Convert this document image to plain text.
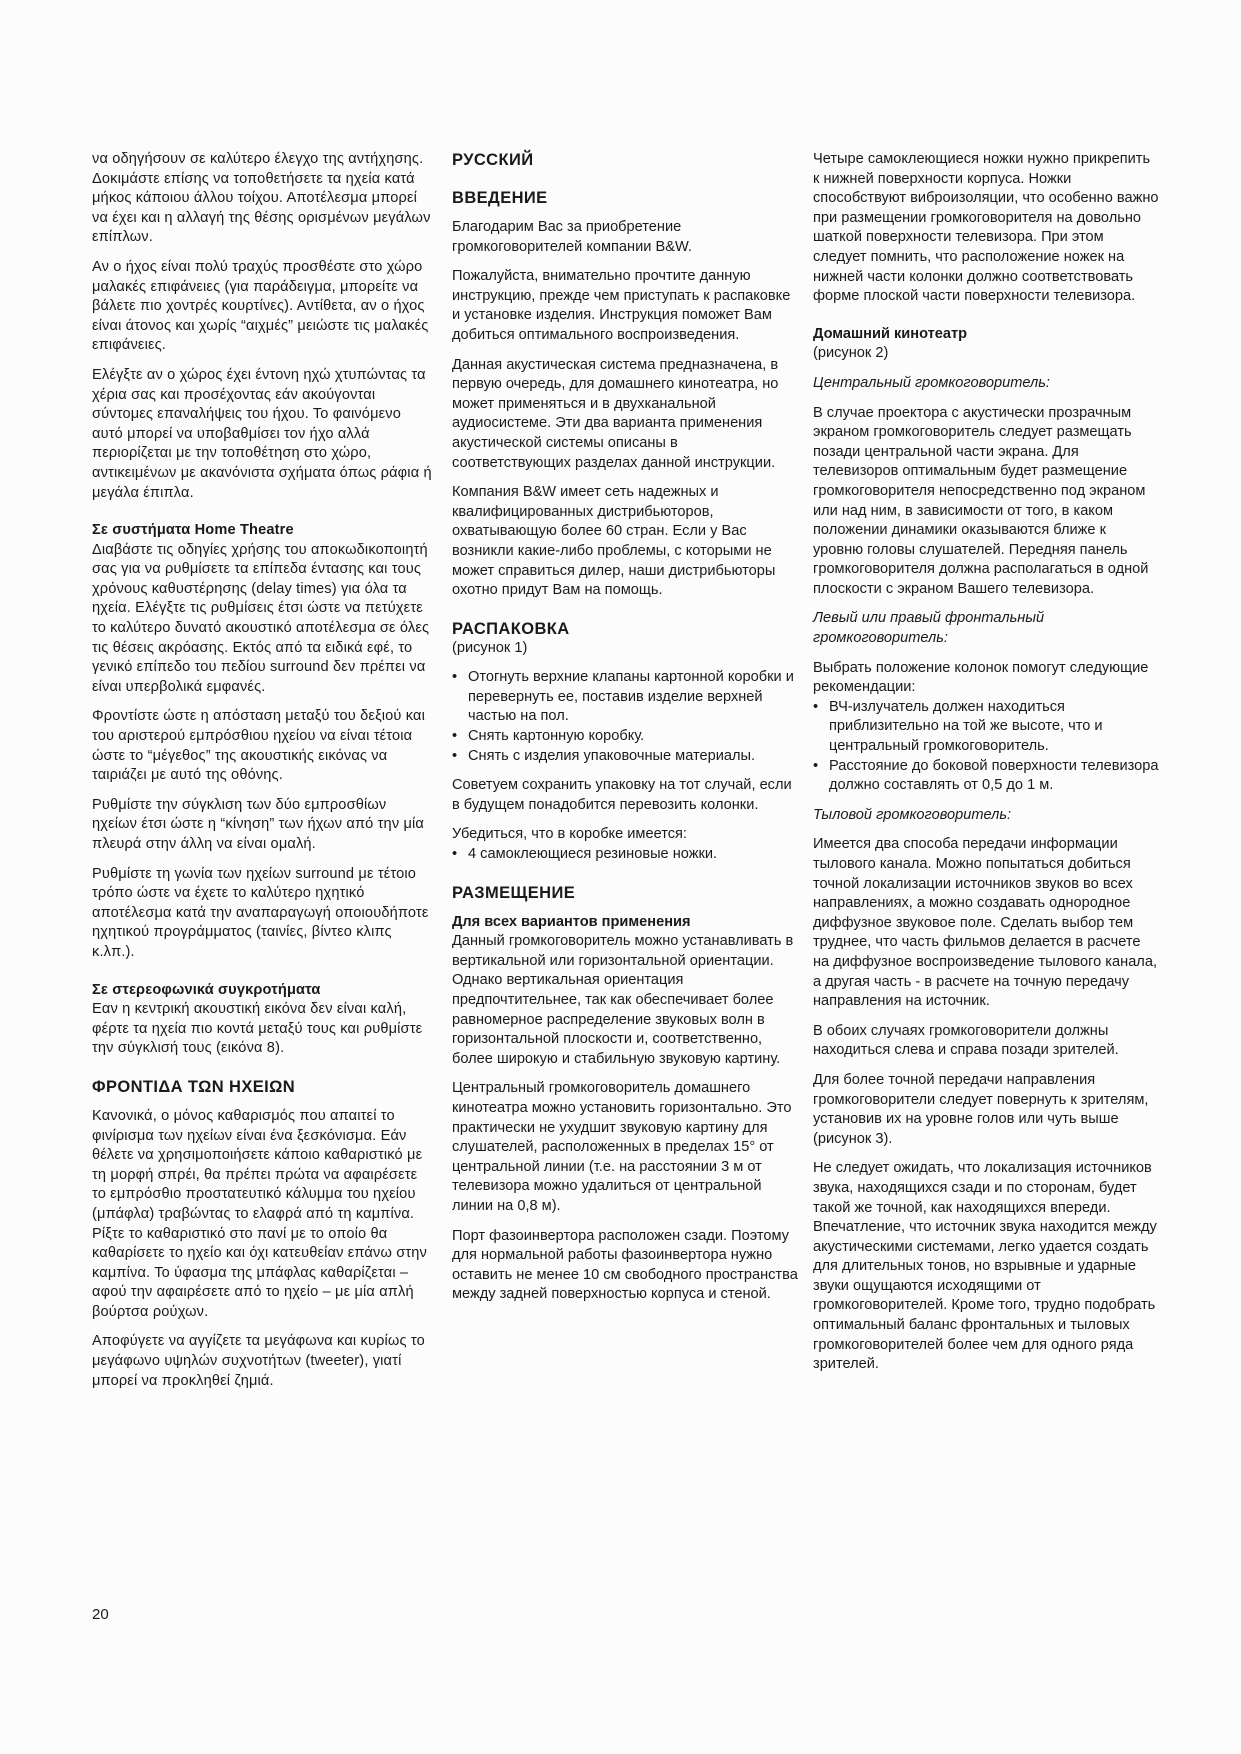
να οδηγήσουν σε καλύτερο έλεγχο της αντήχησης. Δοκιμάστε επίσης να τοποθετήσετε τα ηχεία κατά μήκος κάποιου άλλου τοίχου. Αποτέλεσμα μπορεί να έχει και η αλλαγή της θέσης ορισμένων μεγάλων επίπλων.

Αν ο ήχος είναι πολύ τραχύς προσθέστε στο χώρο μαλακές επιφάνειες (για παράδειγμα, μπορείτε να βάλετε πιο χοντρές κουρτίνες). Αντίθετα, αν ο ήχος είναι άτονος και χωρίς “αιχμές” μειώστε τις μαλακές επιφάνειες.

Ελέγξτε αν ο χώρος έχει έντονη ηχώ χτυπώντας τα χέρια σας και προσέχοντας εάν ακούγονται σύντομες επαναλήψεις του ήχου. Το φαινόμενο αυτό μπορεί να υποβαθμίσει τον ήχο αλλά περιορίζεται με την τοποθέτηση στο χώρο, αντικειμένων με ακανόνιστα σχήματα όπως ράφια ή μεγάλα έπιπλα.

Σε συστήματα Home Theatre

Διαβάστε τις οδηγίες χρήσης του αποκωδικοποιητή σας για να ρυθμίσετε τα επίπεδα έντασης και τους χρόνους καθυστέρησης (delay times) για όλα τα ηχεία. Ελέγξτε τις ρυθμίσεις έτσι ώστε να πετύχετε το καλύτερο δυνατό ακουστικό αποτέλεσμα σε όλες τις θέσεις ακρόασης. Εκτός από τα ειδικά εφέ, το γενικό επίπεδο του πεδίου surround δεν πρέπει να είναι υπερβολικά εμφανές.

Φροντίστε ώστε η απόσταση μεταξύ του δεξιού και του αριστερού εμπρόσθιου ηχείου να είναι τέτοια ώστε το “μέγεθος” της ακουστικής εικόνας να ταιριάζει με αυτό της οθόνης.

Ρυθμίστε την σύγκλιση των δύο εμπροσθίων ηχείων έτσι ώστε η “κίνηση” των ήχων από την μία πλευρά στην άλλη να είναι ομαλή.

Ρυθμίστε τη γωνία των ηχείων surround με τέτοιο τρόπο ώστε να έχετε το καλύτερο ηχητικό αποτέλεσμα κατά την αναπαραγωγή οποιουδήποτε ηχητικού προγράμματος (ταινίες, βίντεο κλιπς κ.λπ.).

Σε στερεοφωνικά συγκροτήματα

Εαν η κεντρική ακουστική εικόνα δεν είναι καλή, φέρτε τα ηχεία πιο κοντά μεταξύ τους και ρυθμίστε την σύγκλισή τους (εικόνα 8).

ΦΡΟΝΤΙΔΑ ΤΩΝ ΗΧΕΙΩΝ

Κανονικά, ο μόνος καθαρισμός που απαιτεί το φινίρισμα των ηχείων είναι ένα ξεσκόνισμα. Εάν θέλετε να χρησιμοποιήσετε κάποιο καθαριστικό με τη μορφή σπρέι, θα πρέπει πρώτα να αφαιρέσετε το εμπρόσθιο προστατευτικό κάλυμμα του ηχείου (μπάφλα) τραβώντας το ελαφρά από τη καμπίνα. Ρίξτε το καθαριστικό στο πανί με το οποίο θα καθαρίσετε το ηχείο και όχι κατευθείαν επάνω στην καμπίνα. Το ύφασμα της μπάφλας καθαρίζεται – αφού την αφαιρέσετε από το ηχείο – με μία απλή βούρτσα ρούχων.

Αποφύγετε να αγγίζετε τα μεγάφωνα και κυρίως το μεγάφωνο υψηλών συχνοτήτων (tweeter), γιατί μπορεί να προκληθεί ζημιά.

РУССКИЙ
ВВЕДЕНИЕ

Благодарим Вас за приобретение громкоговорителей компании B&W.

Пожалуйста, внимательно прочтите данную инструкцию, прежде чем приступать к распаковке и установке изделия. Инструкция поможет Вам добиться оптимального воспроизведения.

Данная акустическая система предназначена, в первую очередь, для домашнего кинотеатра, но может применяться и в двухканальной аудиосистеме. Эти два варианта применения акустической системы описаны в соответствующих разделах данной инструкции.

Компания B&W имеет сеть надежных и квалифицированных дистрибьюторов, охватывающую более 60 стран. Если у Вас возникли какие-либо проблемы, с которыми не может справиться дилер, наши дистрибьюторы охотно придут Вам на помощь.

РАСПАКОВКА

(рисунок 1)

• Отогнуть верхние клапаны картонной коробки и перевернуть ее, поставив изделие верхней частью на пол.
• Снять картонную коробку.
• Снять с изделия упаковочные материалы.

Советуем сохранить упаковку на тот случай, если в будущем понадобится перевозить колонки.

Убедиться, что в коробке имеется:

• 4 самоклеющиеся резиновые ножки.
РАЗМЕЩЕНИЕ
Для всех вариантов применения

Данный громкоговоритель можно устанавливать в вертикальной или горизонтальной ориентации. Однако вертикальная ориентация предпочтительнее, так как обеспечивает более равномерное распределение звуковых волн в горизонтальной плоскости и, соответственно, более широкую и стабильную звуковую картину.

Центральный громкоговоритель домашнего кинотеатра можно установить горизонтально. Это практически не ухудшит звуковую картину для слушателей, расположенных в пределах 15° от центральной линии (т.е. на расстоянии 3 м от телевизора можно удалиться от центральной линии на 0,8 м).

Порт фазоинвертора расположен сзади. Поэтому для нормальной работы фазоинвертора нужно оставить не менее 10 см свободного пространства между задней поверхностью корпуса и стеной.

Четыре самоклеющиеся ножки нужно прикрепить к нижней поверхности корпуса. Ножки способствуют виброизоляции, что особенно важно при размещении громкоговорителя на довольно шаткой поверхности телевизора. При этом следует помнить, что расположение ножек на нижней части колонки должно соответствовать форме плоской части поверхности телевизора.

Домашний кинотеатр

(рисунок 2)

Центральный громкоговоритель:

В случае проектора с акустически прозрачным экраном громкоговоритель следует размещать позади центральной части экрана. Для телевизоров оптимальным будет размещение громкоговорителя непосредственно под экраном или над ним, в зависимости от того, в каком положении динамики оказываются ближе к уровню головы слушателей. Передняя панель громкоговорителя должна располагаться в одной плоскости с экраном Вашего телевизора.

Левый или правый фронтальный громкоговоритель:

Выбрать положение колонок помогут следующие рекомендации:

• ВЧ-излучатель должен находиться приблизительно на той же высоте, что и центральный громкоговоритель.
• Расстояние до боковой поверхности телевизора должно составлять от 0,5 до 1 м.

Тыловой громкоговоритель:

Имеется два способа передачи информации тылового канала. Можно попытаться добиться точной локализации источников звуков во всех направлениях, а можно создавать однородное диффузное звуковое поле. Сделать выбор тем труднее, что часть фильмов делается в расчете на диффузное воспроизведение тылового канала, а другая часть - в расчете на точную передачу направления на источник.

В обоих случаях громкоговорители должны находиться слева и справа позади зрителей.

Для более точной передачи направления громкоговорители следует повернуть к зрителям, установив их на уровне голов или чуть выше (рисунок 3).

Не следует ожидать, что локализация источников звука, находящихся сзади и по сторонам, будет такой же точной, как находящихся впереди. Впечатление, что источник звука находится между акустическими системами, легко удается создать для длительных тонов, но взрывные и ударные звуки ощущаются исходящими от громкоговорителей. Кроме того, трудно подобрать оптимальный баланс фронтальных и тыловых громкоговорителей более чем для одного ряда зрителей.

20
